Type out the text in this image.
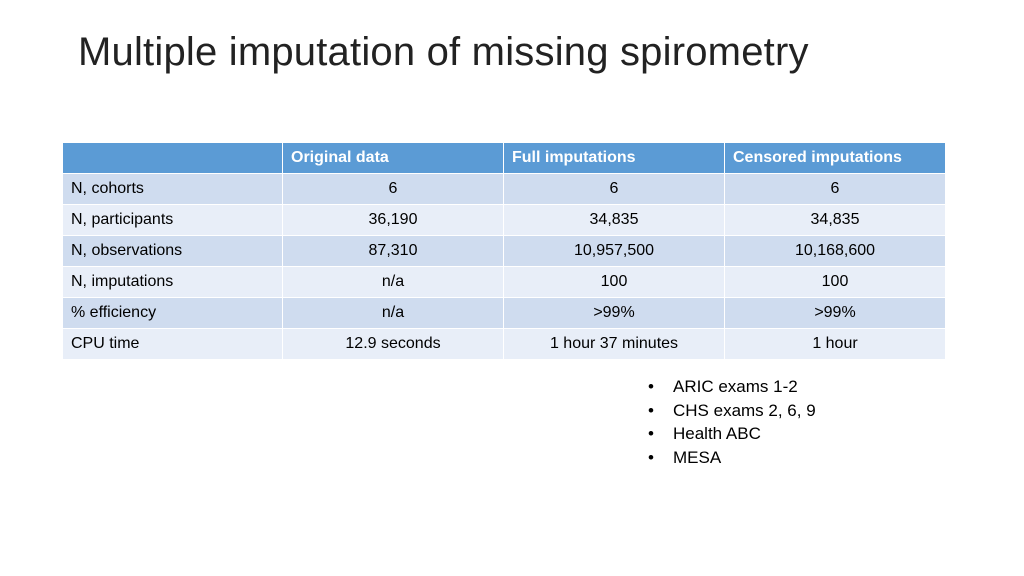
Multiple imputation of missing spirometry
	Original data	Full imputations	Censored imputations
N, cohorts	6	6	6
N, participants	36,190	34,835	34,835
N, observations	87,310	10,957,500	10,168,600
N, imputations	n/a	100	100
% efficiency	n/a	>99%	>99%
CPU time	12.9 seconds	1 hour 37 minutes	1 hour
• ARIC exams 1-2
• CHS exams 2, 6, 9
• Health ABC
• MESA
